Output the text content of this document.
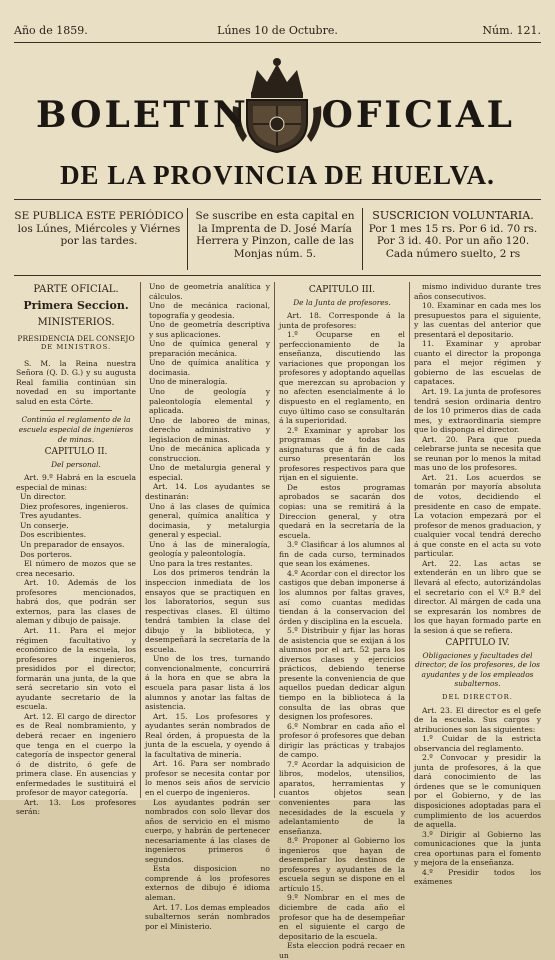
Año de 1859.	Lúnes 10 de Octubre.	Núm. 121.
BOLETIN OFICIAL
DE LA PROVINCIA DE HUELVA.
SE PUBLICA ESTE PERIÓDICO los Lúnes, Miércoles y Viérnes por las tardes.
Se suscribe en esta capital en la Imprenta de D. José María Herrera y Pinzon, calle de las Monjas núm. 5.
SUSCRICION VOLUNTARIA.
Por 1 mes 15 rs. Por 6 id. 70 rs.
Por 3 id. 40. Por un año 120.
Cada número suelto, 2 rs
PARTE OFICIAL.
Primera Seccion.
MINISTERIOS.
PRESIDENCIA DEL CONSEJO
DE MINISTROS.

S. M. la Reina nuestra Señora (Q. D. G.) y su augusta Real familia continúan sin novedad en su importante salud en esta Córte.

Continúa el reglamento de la escuela especial de ingenieros de minas.
CAPITULO II.
Del personal.

Art. 9.º Habrá en la escuela especial de minas:

Un director.

Diez profesores, ingenieros.

Tres ayudantes.

Un conserje.

Dos escribientes.

Un preparador de ensayos.

Dos porteros.

El número de mozos que se crea necesario.

Art. 10. Además de los profesores mencionados, habrá dos, que podrán ser externos, para las clases de aleman y dibujo de paisaje.

Art. 11. Para el mejor régimen facultativo y económico de la escuela, los profesores ingenieros, presididos por el director, formarán una junta, de la que será secretario sin voto el ayudante secretario de la escuela.

Art. 12. El cargo de director es de Real nombramiento, y deberá recaer en ingeniero que tenga en el cuerpo la categoría de inspector general ó de distrito, ó gefe de primera clase. En ausencias y enfermedades le sustituirá el profesor de mayor categoría.

Art. 13. Los profesores serán:

Uno de geometría analítica y cálculos.

Uno de mecánica racional, topografía y geodesia.

Uno de geometría descriptiva y sus aplicaciones.

Uno de química general y preparación mecánica.

Uno de química analítica y docimasia.

Uno de mineralogía.

Uno de geología y paleontología elemental y aplicada.

Uno de laboreo de minas, derecho administrativo y legislacion de minas.

Uno de mecánica aplicada y construccion.

Uno de metalurgia general y especial.

Art. 14. Los ayudantes se destinarán:

Uno á las clases de química general, química analítica y docimasia, y metalurgia general y especial.

Uno á las de mineralogía, geología y paleontología.

Uno para la tres restantes.

Los dos primeros tendrán la inspeccion inmediata de los ensayos que se practiquen en los laboratorios, segun sus respectivas clases. El último tendrá tambien la clase del dibujo y la biblioteca, y desempeñará la secretaría de la escuela.

Uno de los tres, turnando convencionalmente, concurrirá á la hora en que se abra la escuela para pasar lista á los alumnos y anotar las faltas de asistencia.

Art. 15. Los profesores y ayudantes serán nombrados de Real órden, á propuesta de la junta de la escuela, y oyendo á la facultativa de minería.

Art. 16. Para ser nombrado profesor se necesita contar por lo menos seis años de servicio en el cuerpo de ingenieros.

Los ayudantes podrán ser nombrados con solo llevar dos años de servicio en el mismo cuerpo, y habrán de pertenecer necesariamente á las clases de ingenieros primeros ó segundos.

Esta disposicion no comprende á los profesores externos de dibujo é idioma aleman.

Art. 17. Los demas empleados subalternos serán nombrados por el Ministerio.

CAPITULO III.
De la Junta de profesores.

Art. 18. Corresponde á la junta de profesores:

1.º Ocuparse en el perfeccionamiento de la enseñanza, discutiendo las variaciones que propongan los profesores y adoptando aquellas que merezcan su aprobacion y no afecten esencialmente á lo dispuesto en el reglamento, en cuyo último caso se consultarán á la superioridad.

2.º Examinar y aprobar los programas de todas las asignaturas que á fin de cada curso presentarán los profesores respectivos para que rijan en el siguiente.

De estos programas aprobados se sacarán dos copias: una se remitirá á la Direccion general, y otra quedará en la secretaría de la escuela.

3.º Clasificar á los alumnos al fin de cada curso, terminados que sean los exámenes.

4.º Acordar con el director los castigos que deban imponerse á los alumnos por faltas graves, así como cuantas medidas tiendan á la conservacion del órden y disciplina en la escuela.

5.º Distribuir y fijar las horas de asistencia que se exijan á los alumnos por el art. 52 para los diversos clases y ejercicios prácticos, debiendo tenerse presente la conveniencia de que aquellos puedan dedicar algun tiempo en la biblioteca á la consulta de las obras que designen los profesores.

6.º Nombrar en cada año el profesor ó profesores que deban dirigir las prácticas y trabajos de campo.

7.º Acordar la adquisicion de libros, modelos, utensilios, aparatos, herramientas y cuantos objetos sean convenientes para las necesidades de la escuela y adelantamiento de la enseñanza.

8.º Proponer al Gobierno los ingenieros que hayan de desempeñar los destinos de profesores y ayudantes de la escuela segun se dispone en el artículo 15.

9.º Nombrar en el mes de diciembre de cada año el profesor que ha de desempeñar en el siguiente el cargo de depositario de la escuela.

Esta eleccion podrá recaer en un

mismo individuo durante tres años consecutivos.

10. Examinar en cada mes los presupuestos para el siguiente, y las cuentas del anterior que presentará el depositario.

11. Examinar y aprobar cuanto el director la proponga para el mejor régimen y gobierno de las escuelas de capataces.

Art. 19. La junta de profesores tendrá sesion ordinaria dentro de los 10 primeros dias de cada mes, y extraordinaria siempre que lo disponga el director.

Art. 20. Para que pueda celebrarse junta se necesita que se reunan por lo menos la mitad mas uno de los profesores.

Art. 21. Los acuerdos se tomarán por mayoría absoluta de votos, decidiendo el presidente en caso de empate. La votacion empezará por el profesor de menos graduacion, y cualquier vocal tendrá derecho á que conste en el acta su voto particular.

Art. 22. Las actas se extenderán en un libro que se llevará al efecto, autorizándolas el secretario con el V.º B.º del director. Al márgen de cada una se expresarán los nombres de los que hayan formado parte en la sesion á que se refiera.

CAPITULO IV.
Obligaciones y facultades del director, de los profesores, de los ayudantes y de los empleados subalternos.
DEL DIRECTOR.

Art. 23. El director es el gefe de la escuela. Sus cargos y atribuciones son las siguientes:

1.º Cuidar de la estricta observancia del reglamento.

2.º Convocar y presidir la junta de profesores, á la que dará conocimiento de las órdenes que se le comuniquen por el Gobierno, y de las disposiciones adoptadas para el cumplimiento de los acuerdos de aquella.

3.º Dirigir al Gobierno las comunicaciones que la junta crea oportunas para el fomento y mejora de la enseñanza.

4.º Presidir todos los exámenes
